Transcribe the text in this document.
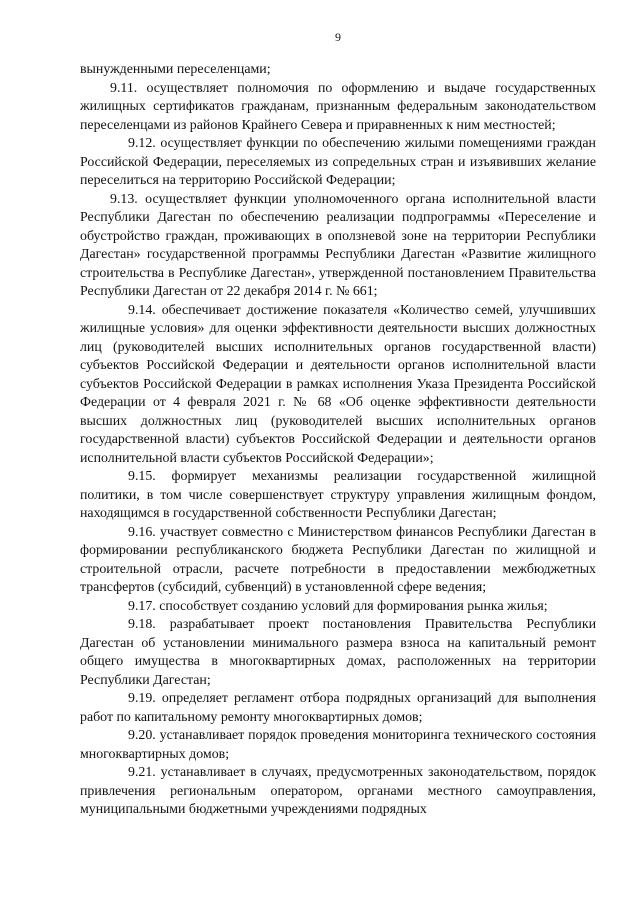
9

вынужденными переселенцами;

9.11. осуществляет полномочия по оформлению и выдаче государственных жилищных сертификатов гражданам, признанным федеральным законодательством переселенцами из районов Крайнего Севера и приравненных к ним местностей;

9.12. осуществляет функции по обеспечению жилыми помещениями граждан Российской Федерации, переселяемых из сопредельных стран и изъявивших желание переселиться на территорию Российской Федерации;

9.13. осуществляет функции уполномоченного органа исполнительной власти Республики Дагестан по обеспечению реализации подпрограммы «Переселение и обустройство граждан, проживающих в оползневой зоне на территории Республики Дагестан» государственной программы Республики Дагестан «Развитие жилищного строительства в Республике Дагестан», утвержденной постановлением Правительства Республики Дагестан от 22 декабря 2014 г. № 661;

9.14. обеспечивает достижение показателя «Количество семей, улучшивших жилищные условия» для оценки эффективности деятельности высших должностных лиц (руководителей высших исполнительных органов государственной власти) субъектов Российской Федерации и деятельности органов исполнительной власти субъектов Российской Федерации в рамках исполнения Указа Президента Российской Федерации от 4 февраля 2021 г. № 68 «Об оценке эффективности деятельности высших должностных лиц (руководителей высших исполнительных органов государственной власти) субъектов Российской Федерации и деятельности органов исполнительной власти субъектов Российской Федерации»;

9.15. формирует механизмы реализации государственной жилищной политики, в том числе совершенствует структуру управления жилищным фондом, находящимся в государственной собственности Республики Дагестан;

9.16. участвует совместно с Министерством финансов Республики Дагестан в формировании республиканского бюджета Республики Дагестан по жилищной и строительной отрасли, расчете потребности в предоставлении межбюджетных трансфертов (субсидий, субвенций) в установленной сфере ведения;

9.17. способствует созданию условий для формирования рынка жилья;

9.18. разрабатывает проект постановления Правительства Республики Дагестан об установлении минимального размера взноса на капитальный ремонт общего имущества в многоквартирных домах, расположенных на территории Республики Дагестан;

9.19. определяет регламент отбора подрядных организаций для выполнения работ по капитальному ремонту многоквартирных домов;

9.20. устанавливает порядок проведения мониторинга технического состояния многоквартирных домов;

9.21. устанавливает в случаях, предусмотренных законодательством, порядок привлечения региональным оператором, органами местного самоуправления, муниципальными бюджетными учреждениями подрядных
